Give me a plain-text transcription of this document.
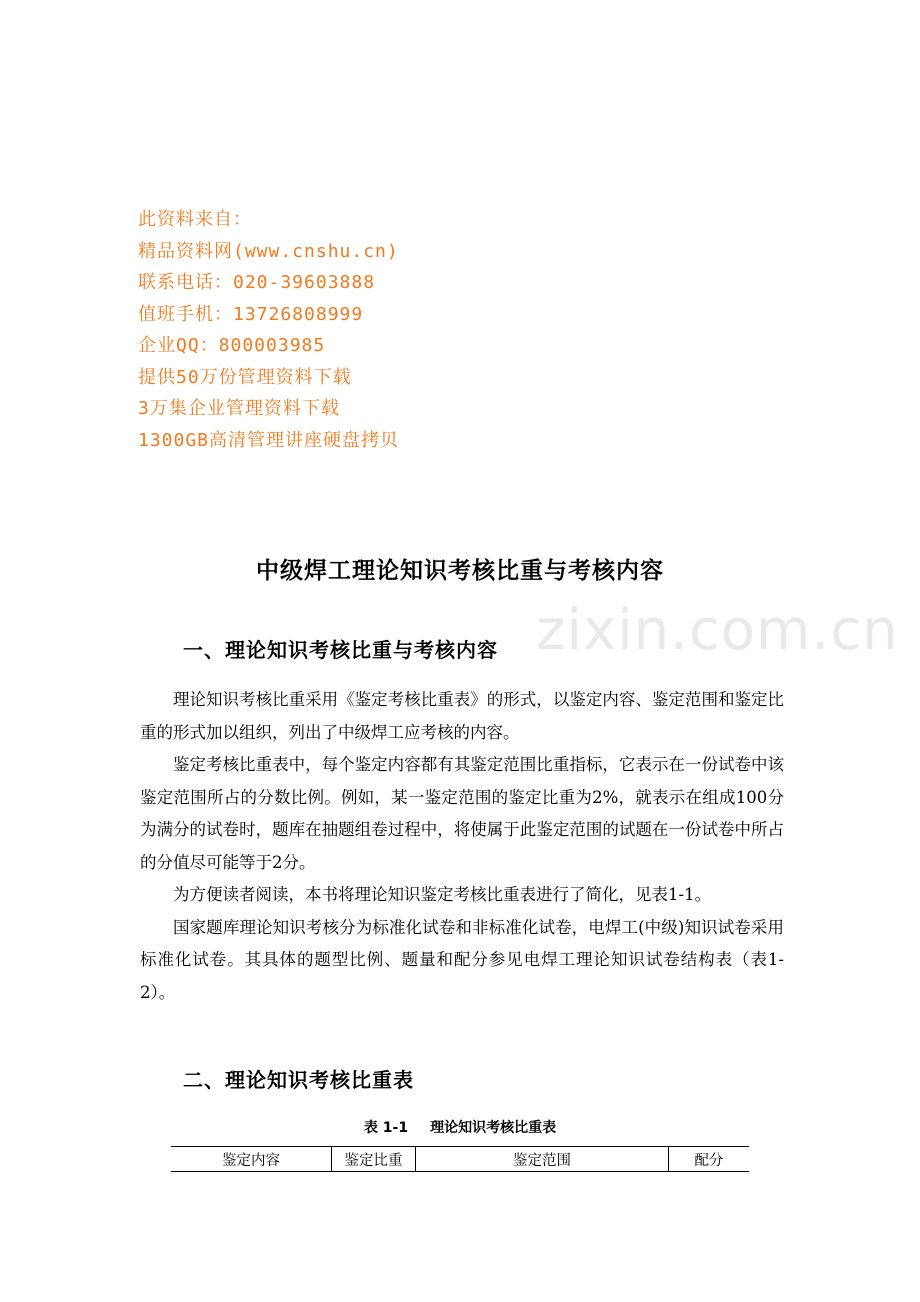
此资料来自：
精品资料网(www.cnshu.cn)
联系电话：020-39603888
值班手机：13726808999
企业QQ：800003985
提供50万份管理资料下载
3万集企业管理资料下载
1300GB高清管理讲座硬盘拷贝
中级焊工理论知识考核比重与考核内容
zixin.com.cn
一、理论知识考核比重与考核内容

理论知识考核比重采用《鉴定考核比重表》的形式，以鉴定内容、鉴定范围和鉴定比重的形式加以组织，列出了中级焊工应考核的内容。

鉴定考核比重表中，每个鉴定内容都有其鉴定范围比重指标，它表示在一份试卷中该鉴定范围所占的分数比例。例如，某一鉴定范围的鉴定比重为2%，就表示在组成100分为满分的试卷时，题库在抽题组卷过程中，将使属于此鉴定范围的试题在一份试卷中所占的分值尽可能等于2分。

为方便读者阅读，本书将理论知识鉴定考核比重表进行了简化，见表1-1。

国家题库理论知识考核分为标准化试卷和非标准化试卷，电焊工(中级)知识试卷采用标准化试卷。其具体的题型比例、题量和配分参见电焊工理论知识试卷结构表（表1-2）。

二、理论知识考核比重表
表 1-1 理论知识考核比重表
鉴定内容	鉴定比重	鉴定范围	配分
